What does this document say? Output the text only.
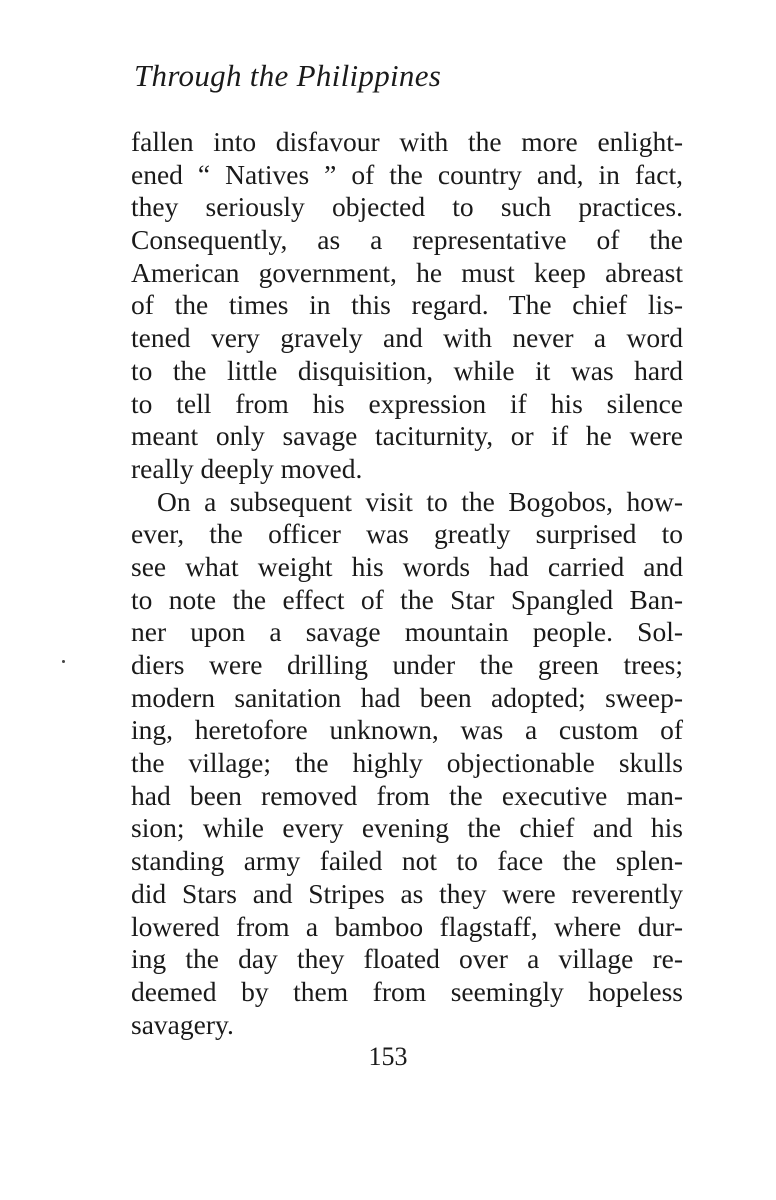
Through the Philippines
fallen into disfavour with the more enlight-
ened “ Natives ” of the country and, in fact,
they seriously objected to such practices.
Consequently, as a representative of the
American government, he must keep abreast
of the times in this regard. The chief lis-
tened very gravely and with never a word
to the little disquisition, while it was hard
to tell from his expression if his silence
meant only savage taciturnity, or if he were
really deeply moved.
On a subsequent visit to the Bogobos, how-
ever, the officer was greatly surprised to
see what weight his words had carried and
to note the effect of the Star Spangled Ban-
ner upon a savage mountain people. Sol-
diers were drilling under the green trees;
modern sanitation had been adopted; sweep-
ing, heretofore unknown, was a custom of
the village; the highly objectionable skulls
had been removed from the executive man-
sion; while every evening the chief and his
standing army failed not to face the splen-
did Stars and Stripes as they were reverently
lowered from a bamboo flagstaff, where dur-
ing the day they floated over a village re-
deemed by them from seemingly hopeless
savagery.

153
